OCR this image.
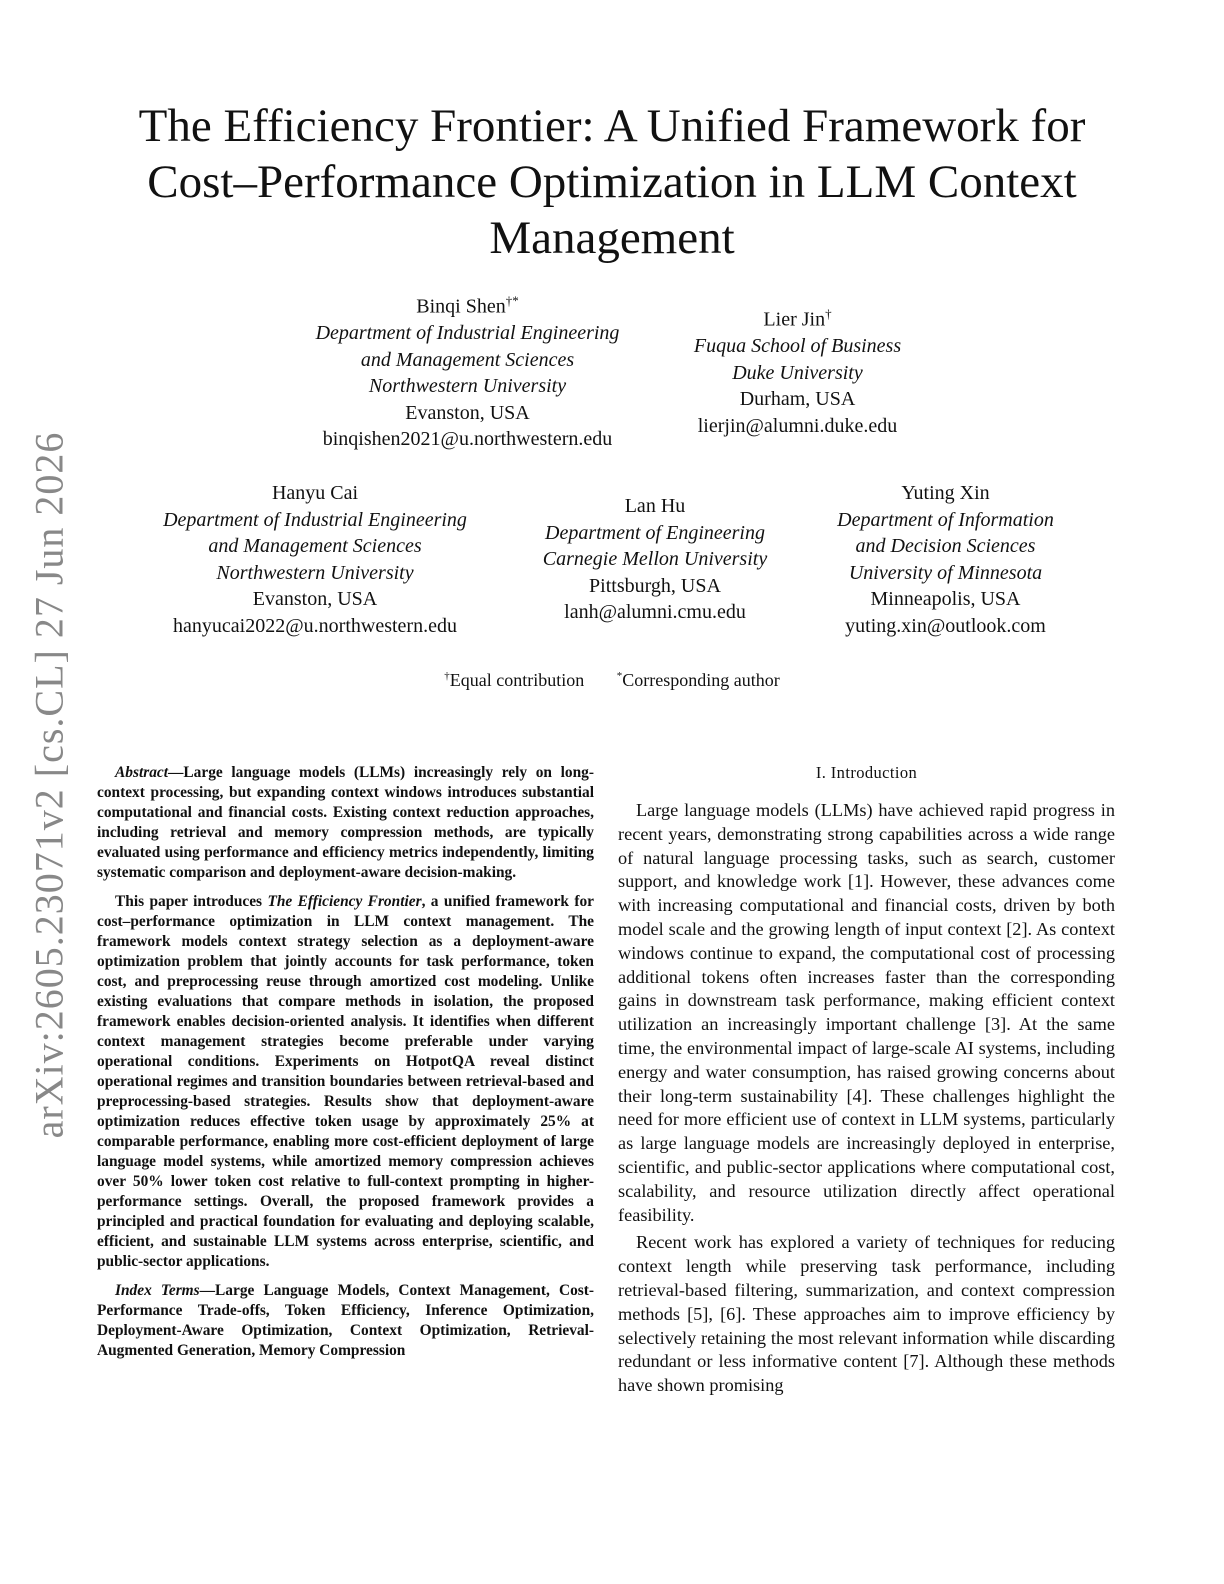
arXiv:2605.23071v2 [cs.CL] 27 Jun 2026
The Efficiency Frontier: A Unified Framework for Cost–Performance Optimization in LLM Context Management
Binqi Shen†*
Department of Industrial Engineering
and Management Sciences
Northwestern University
Evanston, USA
binqishen2021@u.northwestern.edu
Lier Jin†
Fuqua School of Business
Duke University
Durham, USA
lierjin@alumni.duke.edu
Hanyu Cai
Department of Industrial Engineering
and Management Sciences
Northwestern University
Evanston, USA
hanyucai2022@u.northwestern.edu
Lan Hu
Department of Engineering
Carnegie Mellon University
Pittsburgh, USA
lanh@alumni.cmu.edu
Yuting Xin
Department of Information
and Decision Sciences
University of Minnesota
Minneapolis, USA
yuting.xin@outlook.com
†Equal contribution	*Corresponding author

Abstract—Large language models (LLMs) increasingly rely on long-context processing, but expanding context windows introduces substantial computational and financial costs. Existing context reduction approaches, including retrieval and memory compression methods, are typically evaluated using performance and efficiency metrics independently, limiting systematic comparison and deployment-aware decision-making.

This paper introduces The Efficiency Frontier, a unified framework for cost–performance optimization in LLM context management. The framework models context strategy selection as a deployment-aware optimization problem that jointly accounts for task performance, token cost, and preprocessing reuse through amortized cost modeling. Unlike existing evaluations that compare methods in isolation, the proposed framework enables decision-oriented analysis. It identifies when different context management strategies become preferable under varying operational conditions. Experiments on HotpotQA reveal distinct operational regimes and transition boundaries between retrieval-based and preprocessing-based strategies. Results show that deployment-aware optimization reduces effective token usage by approximately 25% at comparable performance, enabling more cost-efficient deployment of large language model systems, while amortized memory compression achieves over 50% lower token cost relative to full-context prompting in higher-performance settings. Overall, the proposed framework provides a principled and practical foundation for evaluating and deploying scalable, efficient, and sustainable LLM systems across enterprise, scientific, and public-sector applications.

Index Terms—Large Language Models, Context Management, Cost-Performance Trade-offs, Token Efficiency, Inference Optimization, Deployment-Aware Optimization, Context Optimization, Retrieval-Augmented Generation, Memory Compression

I. Introduction

Large language models (LLMs) have achieved rapid progress in recent years, demonstrating strong capabilities across a wide range of natural language processing tasks, such as search, customer support, and knowledge work [1]. However, these advances come with increasing computational and financial costs, driven by both model scale and the growing length of input context [2]. As context windows continue to expand, the computational cost of processing additional tokens often increases faster than the corresponding gains in downstream task performance, making efficient context utilization an increasingly important challenge [3]. At the same time, the environmental impact of large-scale AI systems, including energy and water consumption, has raised growing concerns about their long-term sustainability [4]. These challenges highlight the need for more efficient use of context in LLM systems, particularly as large language models are increasingly deployed in enterprise, scientific, and public-sector applications where computational cost, scalability, and resource utilization directly affect operational feasibility.

Recent work has explored a variety of techniques for reducing context length while preserving task performance, including retrieval-based filtering, summarization, and context compression methods [5], [6]. These approaches aim to improve efficiency by selectively retaining the most relevant information while discarding redundant or less informative content [7]. Although these methods have shown promising
